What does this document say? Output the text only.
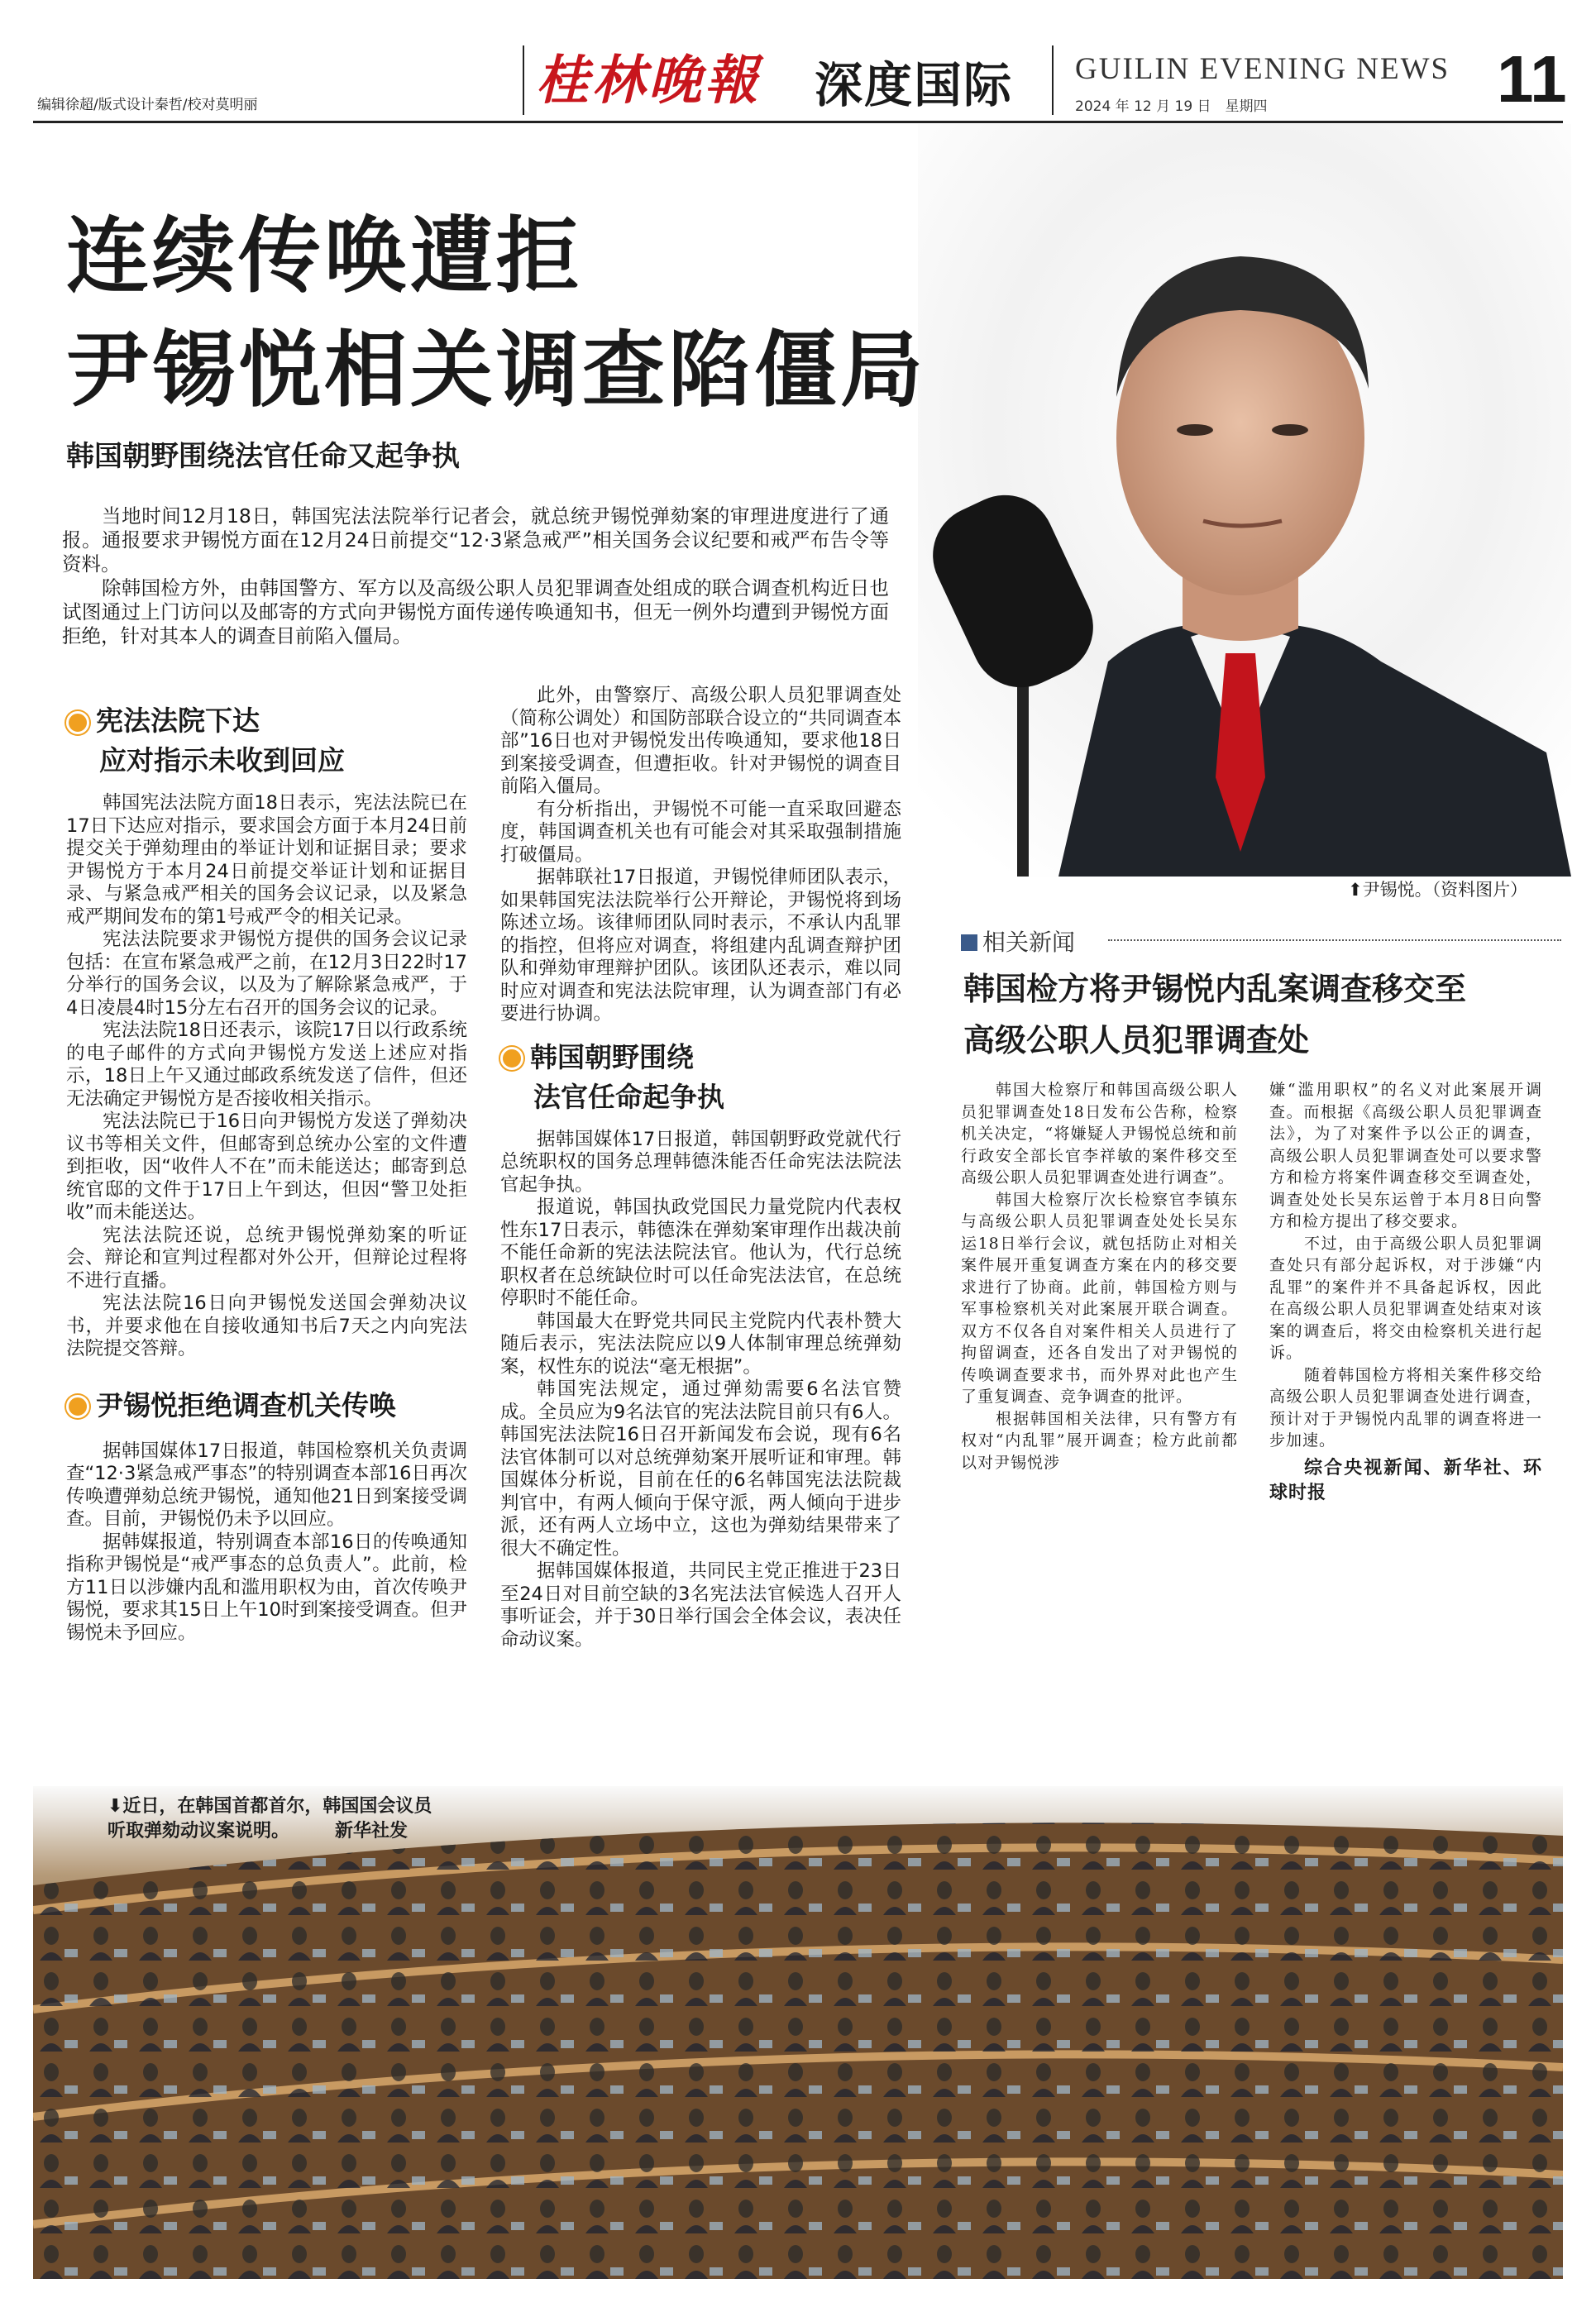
编辑徐超/版式设计秦哲/校对莫明丽	桂林晚報 深度国际 GUILIN EVENING NEWS
2024 年 12 月 19 日　星期四	11
⬆尹锡悦。（资料图片）
连续传唤遭拒
尹锡悦相关调查陷僵局
韩国朝野围绕法官任命又起争执

当地时间12月18日，韩国宪法法院举行记者会，就总统尹锡悦弹劾案的审理进度进行了通报。通报要求尹锡悦方面在12月24日前提交“12·3紧急戒严”相关国务会议纪要和戒严布告令等资料。

除韩国检方外，由韩国警方、军方以及高级公职人员犯罪调查处组成的联合调查机构近日也试图通过上门访问以及邮寄的方式向尹锡悦方面传递传唤通知书，但无一例外均遭到尹锡悦方面拒绝，针对其本人的调查目前陷入僵局。

宪法法院下达
应对指示未收到回应

韩国宪法法院方面18日表示，宪法法院已在17日下达应对指示，要求国会方面于本月24日前提交关于弹劾理由的举证计划和证据目录；要求尹锡悦方于本月24日前提交举证计划和证据目录、与紧急戒严相关的国务会议记录，以及紧急戒严期间发布的第1号戒严令的相关记录。

宪法法院要求尹锡悦方提供的国务会议记录包括：在宣布紧急戒严之前，在12月3日22时17分举行的国务会议，以及为了解除紧急戒严，于4日凌晨4时15分左右召开的国务会议的记录。

宪法法院18日还表示，该院17日以行政系统的电子邮件的方式向尹锡悦方发送上述应对指示，18日上午又通过邮政系统发送了信件，但还无法确定尹锡悦方是否接收相关指示。

宪法法院已于16日向尹锡悦方发送了弹劾决议书等相关文件，但邮寄到总统办公室的文件遭到拒收，因“收件人不在”而未能送达；邮寄到总统官邸的文件于17日上午到达，但因“警卫处拒收”而未能送达。

宪法法院还说，总统尹锡悦弹劾案的听证会、辩论和宣判过程都对外公开，但辩论过程将不进行直播。

宪法法院16日向尹锡悦发送国会弹劾决议书，并要求他在自接收通知书后7天之内向宪法法院提交答辩。

尹锡悦拒绝调查机关传唤

据韩国媒体17日报道，韩国检察机关负责调查“12·3紧急戒严事态”的特别调查本部16日再次传唤遭弹劾总统尹锡悦，通知他21日到案接受调查。目前，尹锡悦仍未予以回应。

据韩媒报道，特别调查本部16日的传唤通知指称尹锡悦是“戒严事态的总负责人”。此前，检方11日以涉嫌内乱和滥用职权为由，首次传唤尹锡悦，要求其15日上午10时到案接受调查。但尹锡悦未予回应。

此外，由警察厅、高级公职人员犯罪调查处（简称公调处）和国防部联合设立的“共同调查本部”16日也对尹锡悦发出传唤通知，要求他18日到案接受调查，但遭拒收。针对尹锡悦的调查目前陷入僵局。

有分析指出，尹锡悦不可能一直采取回避态度，韩国调查机关也有可能会对其采取强制措施打破僵局。

据韩联社17日报道，尹锡悦律师团队表示，如果韩国宪法法院举行公开辩论，尹锡悦将到场陈述立场。该律师团队同时表示，不承认内乱罪的指控，但将应对调查，将组建内乱调查辩护团队和弹劾审理辩护团队。该团队还表示，难以同时应对调查和宪法法院审理，认为调查部门有必要进行协调。

韩国朝野围绕
法官任命起争执

据韩国媒体17日报道，韩国朝野政党就代行总统职权的国务总理韩德洙能否任命宪法法院法官起争执。

报道说，韩国执政党国民力量党院内代表权性东17日表示，韩德洙在弹劾案审理作出裁决前不能任命新的宪法法院法官。他认为，代行总统职权者在总统缺位时可以任命宪法法官，在总统停职时不能任命。

韩国最大在野党共同民主党院内代表朴赞大随后表示，宪法法院应以9人体制审理总统弹劾案，权性东的说法“毫无根据”。

韩国宪法规定，通过弹劾需要6名法官赞成。全员应为9名法官的宪法法院目前只有6人。韩国宪法法院16日召开新闻发布会说，现有6名法官体制可以对总统弹劾案开展听证和审理。韩国媒体分析说，目前在任的6名韩国宪法法院裁判官中，有两人倾向于保守派，两人倾向于进步派，还有两人立场中立，这也为弹劾结果带来了很大不确定性。

据韩国媒体报道，共同民主党正推进于23日至24日对目前空缺的3名宪法法官候选人召开人事听证会，并于30日举行国会全体会议，表决任命动议案。

相关新闻
韩国检方将尹锡悦内乱案调查移交至
高级公职人员犯罪调查处

韩国大检察厅和韩国高级公职人员犯罪调查处18日发布公告称，检察机关决定，“将嫌疑人尹锡悦总统和前行政安全部长官李祥敏的案件移交至高级公职人员犯罪调查处进行调查”。

韩国大检察厅次长检察官李镇东与高级公职人员犯罪调查处处长吴东运18日举行会议，就包括防止对相关案件展开重复调查方案在内的移交要求进行了协商。此前，韩国检方则与军事检察机关对此案展开联合调查。双方不仅各自对案件相关人员进行了拘留调查，还各自发出了对尹锡悦的传唤调查要求书，而外界对此也产生了重复调查、竞争调查的批评。

根据韩国相关法律，只有警方有权对“内乱罪”展开调查；检方此前都以对尹锡悦涉

嫌“滥用职权”的名义对此案展开调查。而根据《高级公职人员犯罪调查法》，为了对案件予以公正的调查，高级公职人员犯罪调查处可以要求警方和检方将案件调查移交至调查处，调查处处长吴东运曾于本月8日向警方和检方提出了移交要求。

不过，由于高级公职人员犯罪调查处只有部分起诉权，对于涉嫌“内乱罪”的案件并不具备起诉权，因此在高级公职人员犯罪调查处结束对该案的调查后，将交由检察机关进行起诉。

随着韩国检方将相关案件移交给高级公职人员犯罪调查处进行调查，预计对于尹锡悦内乱罪的调查将进一步加速。

综合央视新闻、新华社、环球时报
⬇近日，在韩国首都首尔，韩国国会议员
听取弹劾动议案说明。　　　新华社发
